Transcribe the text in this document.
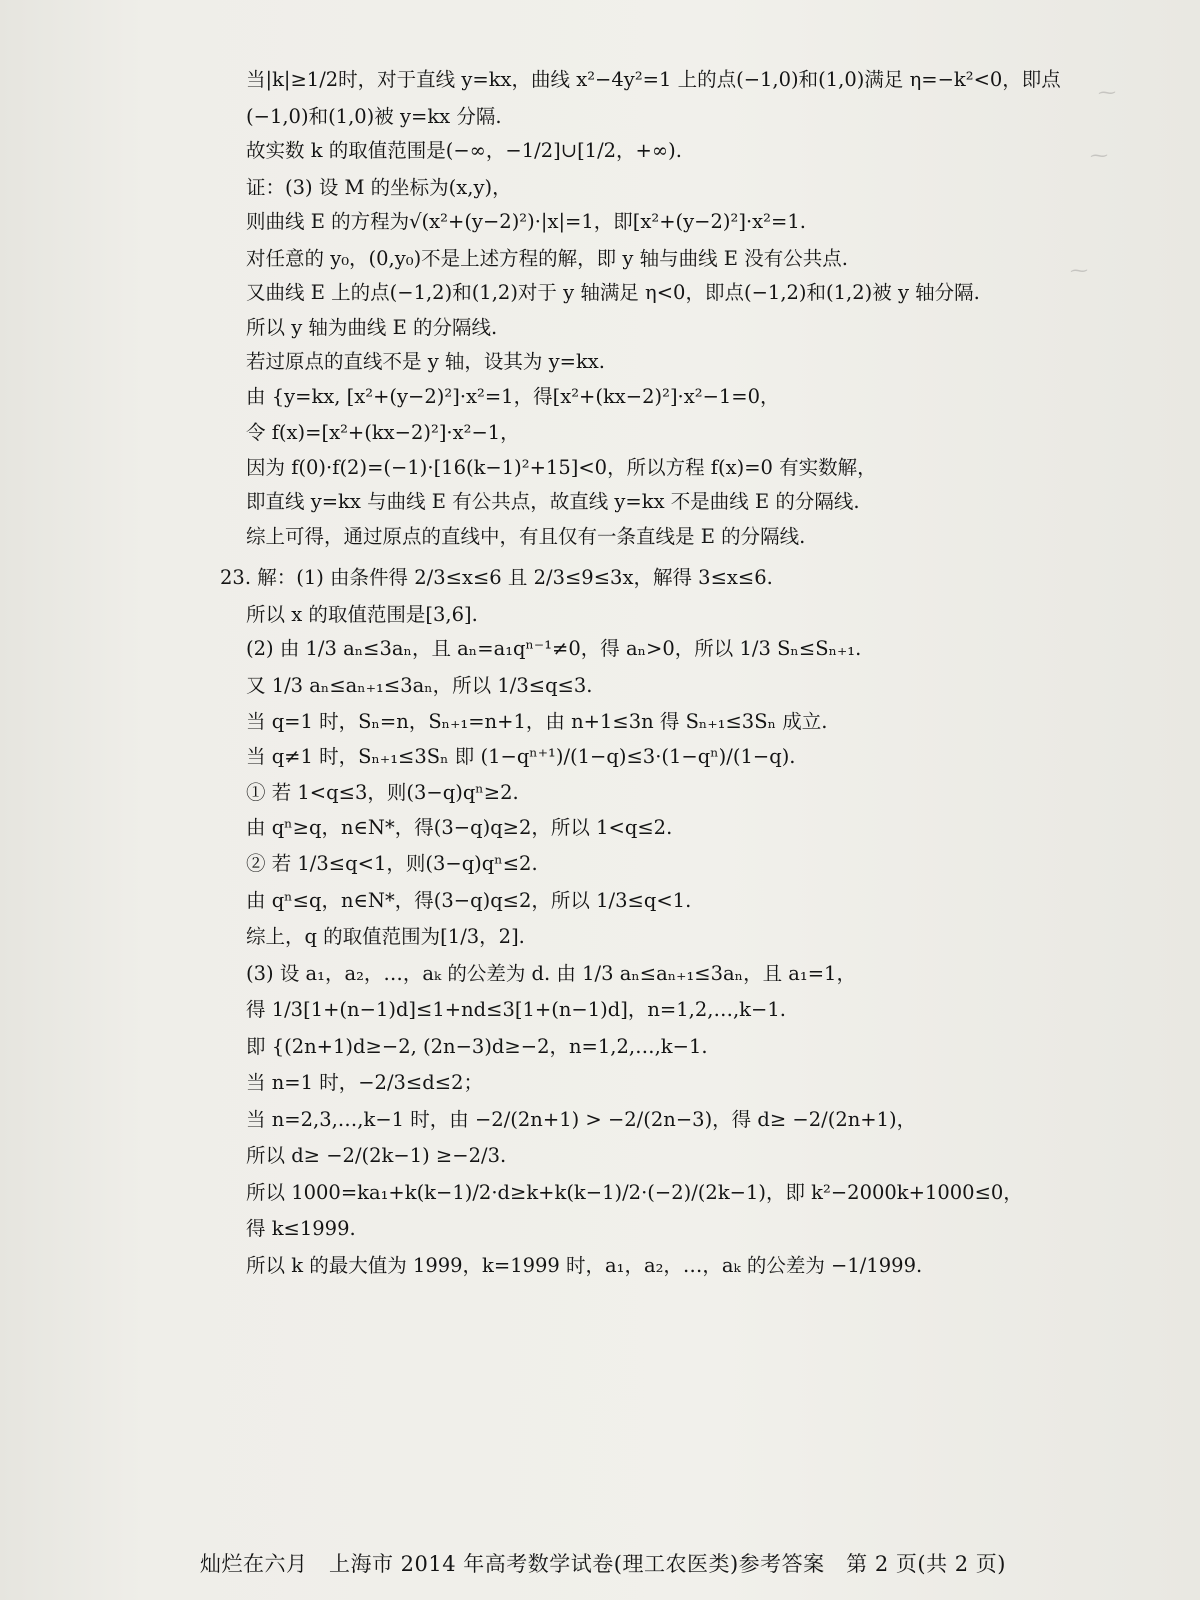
⁓
⁓
⁓
当|k|≥1/2时，对于直线 y=kx，曲线 x²−4y²=1 上的点(−1,0)和(1,0)满足 η=−k²<0，即点
(−1,0)和(1,0)被 y=kx 分隔.
故实数 k 的取值范围是(−∞，−1/2]∪[1/2，+∞).
证：(3) 设 M 的坐标为(x,y)，
则曲线 E 的方程为√(x²+(y−2)²)·|x|=1，即[x²+(y−2)²]·x²=1.
对任意的 y₀，(0,y₀)不是上述方程的解，即 y 轴与曲线 E 没有公共点.
又曲线 E 上的点(−1,2)和(1,2)对于 y 轴满足 η<0，即点(−1,2)和(1,2)被 y 轴分隔.
所以 y 轴为曲线 E 的分隔线.
若过原点的直线不是 y 轴，设其为 y=kx.
由 {y=kx, [x²+(y−2)²]·x²=1，得[x²+(kx−2)²]·x²−1=0，
令 f(x)=[x²+(kx−2)²]·x²−1，
因为 f(0)·f(2)=(−1)·[16(k−1)²+15]<0，所以方程 f(x)=0 有实数解，
即直线 y=kx 与曲线 E 有公共点，故直线 y=kx 不是曲线 E 的分隔线.
综上可得，通过原点的直线中，有且仅有一条直线是 E 的分隔线.
23. 解：(1) 由条件得 2/3≤x≤6 且 2/3≤9≤3x，解得 3≤x≤6.
所以 x 的取值范围是[3,6].
(2) 由 1/3 aₙ≤3aₙ，且 aₙ=a₁qⁿ⁻¹≠0，得 aₙ>0，所以 1/3 Sₙ≤Sₙ₊₁.
又 1/3 aₙ≤aₙ₊₁≤3aₙ，所以 1/3≤q≤3.
当 q=1 时，Sₙ=n，Sₙ₊₁=n+1，由 n+1≤3n 得 Sₙ₊₁≤3Sₙ 成立.
当 q≠1 时，Sₙ₊₁≤3Sₙ 即 (1−qⁿ⁺¹)/(1−q)≤3·(1−qⁿ)/(1−q).
① 若 1<q≤3，则(3−q)qⁿ≥2.
由 qⁿ≥q，n∈N*，得(3−q)q≥2，所以 1<q≤2.
② 若 1/3≤q<1，则(3−q)qⁿ≤2.
由 qⁿ≤q，n∈N*，得(3−q)q≤2，所以 1/3≤q<1.
综上，q 的取值范围为[1/3，2].
(3) 设 a₁，a₂，…，aₖ 的公差为 d. 由 1/3 aₙ≤aₙ₊₁≤3aₙ，且 a₁=1，
得 1/3[1+(n−1)d]≤1+nd≤3[1+(n−1)d]，n=1,2,…,k−1.
即 {(2n+1)d≥−2, (2n−3)d≥−2，n=1,2,…,k−1.
当 n=1 时，−2/3≤d≤2；
当 n=2,3,…,k−1 时，由 −2/(2n+1) > −2/(2n−3)，得 d≥ −2/(2n+1)，
所以 d≥ −2/(2k−1) ≥−2/3.
所以 1000=ka₁+k(k−1)/2·d≥k+k(k−1)/2·(−2)/(2k−1)，即 k²−2000k+1000≤0，
得 k≤1999.
所以 k 的最大值为 1999，k=1999 时，a₁，a₂，…，aₖ 的公差为 −1/1999.
灿烂在六月　上海市 2014 年高考数学试卷(理工农医类)参考答案　第 2 页(共 2 页)
